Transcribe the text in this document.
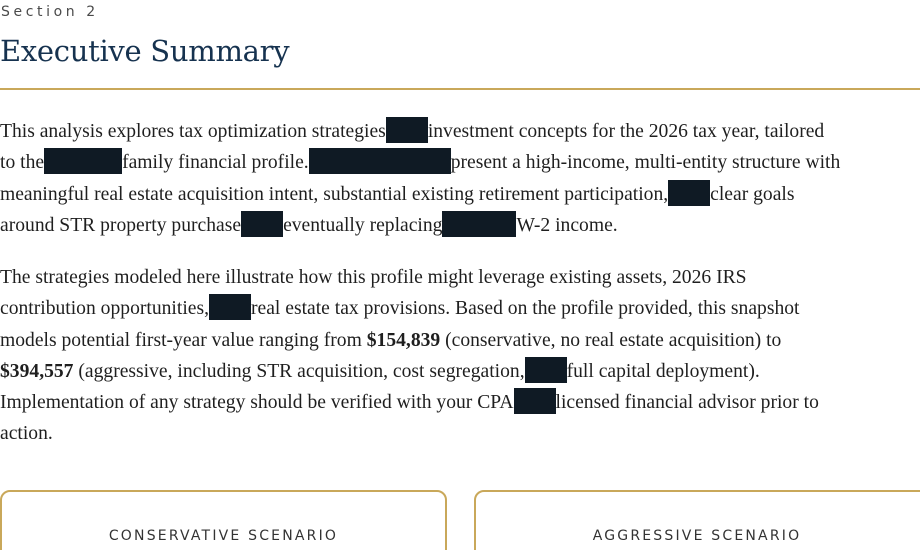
Section 2
Executive Summary

This analysis explores tax optimization strategies investment concepts for the 2026 tax year, tailored
to the	family financial profile.	present a high-income, multi-entity structure with
meaningful real estate acquisition intent, substantial existing retirement participation, clear goals
around STR property purchase eventually replacing	W-2 income.

The strategies modeled here illustrate how this profile might leverage existing assets, 2026 IRS
contribution opportunities, real estate tax provisions. Based on the profile provided, this snapshot
models potential first-year value ranging from $154,839 (conservative, no real estate acquisition) to
$394,557 (aggressive, including STR acquisition, cost segregation, full capital deployment).
Implementation of any strategy should be verified with your CPA licensed financial advisor prior to
action.

CONSERVATIVE SCENARIO	AGGRESSIVE SCENARIO
